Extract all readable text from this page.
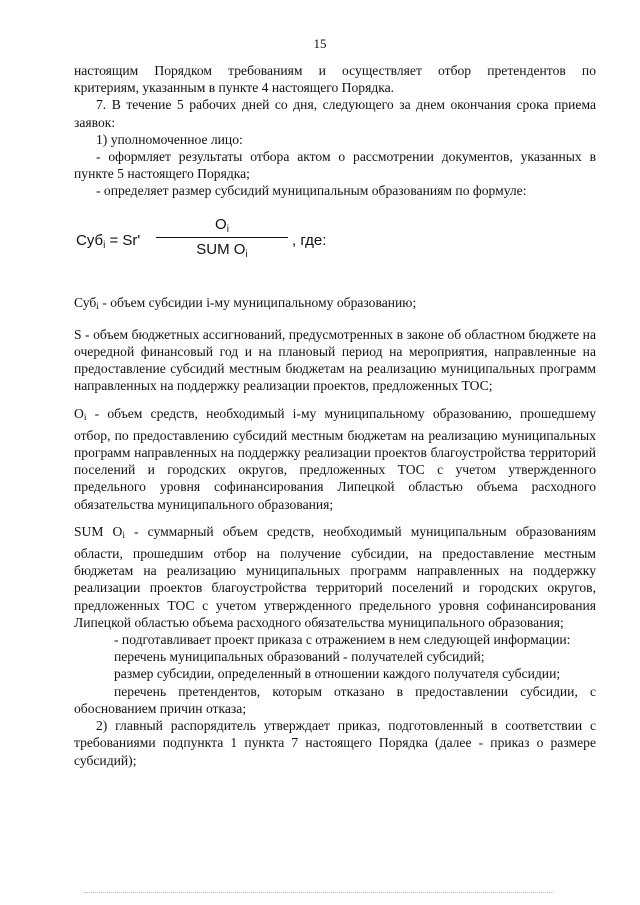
15

настоящим Порядком требованиям и осуществляет отбор претендентов по

критериям, указанным в пункте 4 настоящего Порядка.

7. В течение 5 рабочих дней со дня, следующего за днем окончания срока приема заявок:

1) уполномоченное лицо:

- оформляет результаты отбора актом о рассмотрении документов, указанных в пункте 5 настоящего Порядка;

- определяет размер субсидий муниципальным образованиям по формуле:

Суб$_i$ = Sr'
$O_i$
SUM $O_i$
, где:

Суб$_i$ - объем субсидии i-му муниципальному образованию;

S - объем бюджетных ассигнований, предусмотренных в законе об областном бюджете на очередной финансовый год и на плановый период на мероприятия, направленные на предоставление субсидий местным бюджетам на реализацию муниципальных программ направленных на поддержку реализации проектов, предложенных ТОС;

$O_i$ - объем средств, необходимый i-му муниципальному образованию, прошедшему отбор, по предоставлению субсидий местным бюджетам на реализацию муниципальных программ направленных на поддержку реализации проектов благоустройства территорий поселений и городских округов, предложенных ТОС с учетом утвержденного предельного уровня софинансирования Липецкой областью объема расходного обязательства муниципального образования;

SUM $O_i$ - суммарный объем средств, необходимый муниципальным образованиям области, прошедшим отбор на получение субсидии, на предоставление местным бюджетам на реализацию муниципальных программ направленных на поддержку реализации проектов благоустройства территорий поселений и городских округов, предложенных ТОС с учетом утвержденного предельного уровня софинансирования Липецкой областью объема расходного обязательства муниципального образования;

- подготавливает проект приказа с отражением в нем следующей информации:

перечень муниципальных образований - получателей субсидий;

размер субсидии, определенный в отношении каждого получателя субсидии;

перечень претендентов, которым отказано в предоставлении субсидии, с обоснованием причин отказа;

2) главный распорядитель утверждает приказ, подготовленный в соответствии с требованиями подпункта 1 пункта 7 настоящего Порядка (далее - приказ о размере субсидий);
